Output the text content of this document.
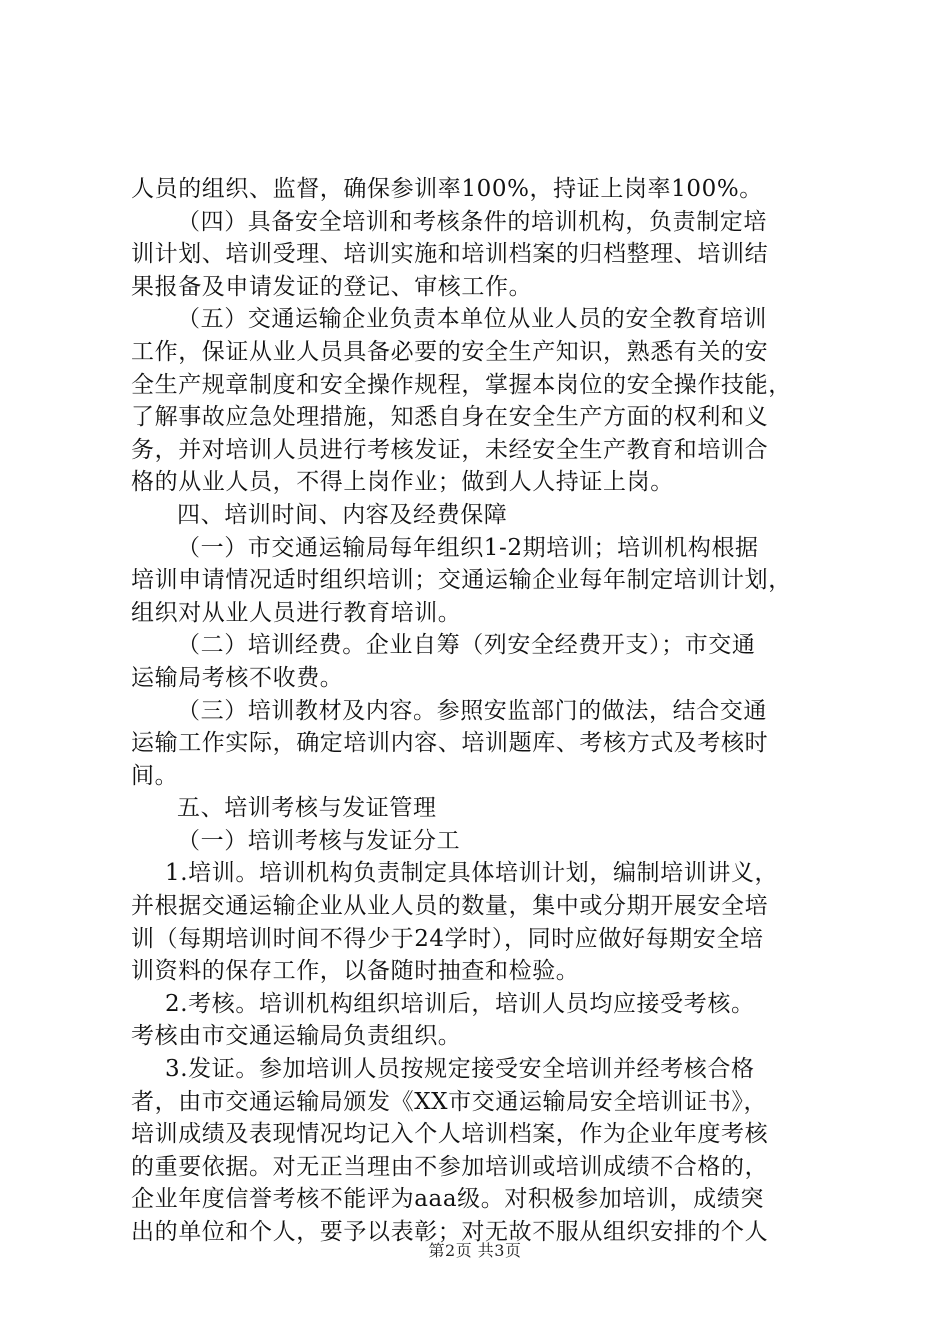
人员的组织、监督，确保参训率100%，持证上岗率100%。
（四）具备安全培训和考核条件的培训机构，负责制定培
训计划、培训受理、培训实施和培训档案的归档整理、培训结
果报备及申请发证的登记、审核工作。
（五）交通运输企业负责本单位从业人员的安全教育培训
工作，保证从业人员具备必要的安全生产知识，熟悉有关的安
全生产规章制度和安全操作规程，掌握本岗位的安全操作技能，
了解事故应急处理措施，知悉自身在安全生产方面的权利和义
务，并对培训人员进行考核发证，未经安全生产教育和培训合
格的从业人员，不得上岗作业；做到人人持证上岗。
四、培训时间、内容及经费保障
（一）市交通运输局每年组织1-2期培训；培训机构根据
培训申请情况适时组织培训；交通运输企业每年制定培训计划，
组织对从业人员进行教育培训。
（二）培训经费。企业自筹（列安全经费开支）；市交通
运输局考核不收费。
（三）培训教材及内容。参照安监部门的做法，结合交通
运输工作实际，确定培训内容、培训题库、考核方式及考核时
间。
五、培训考核与发证管理
（一）培训考核与发证分工
1.培训。培训机构负责制定具体培训计划，编制培训讲义，
并根据交通运输企业从业人员的数量，集中或分期开展安全培
训（每期培训时间不得少于24学时），同时应做好每期安全培
训资料的保存工作，以备随时抽查和检验。
2.考核。培训机构组织培训后，培训人员均应接受考核。
考核由市交通运输局负责组织。
3.发证。参加培训人员按规定接受安全培训并经考核合格
者，由市交通运输局颁发《XX市交通运输局安全培训证书》，
培训成绩及表现情况均记入个人培训档案，作为企业年度考核
的重要依据。对无正当理由不参加培训或培训成绩不合格的，
企业年度信誉考核不能评为aaa级。对积极参加培训，成绩突
出的单位和个人，要予以表彰；对无故不服从组织安排的个人
第2页 共3页
